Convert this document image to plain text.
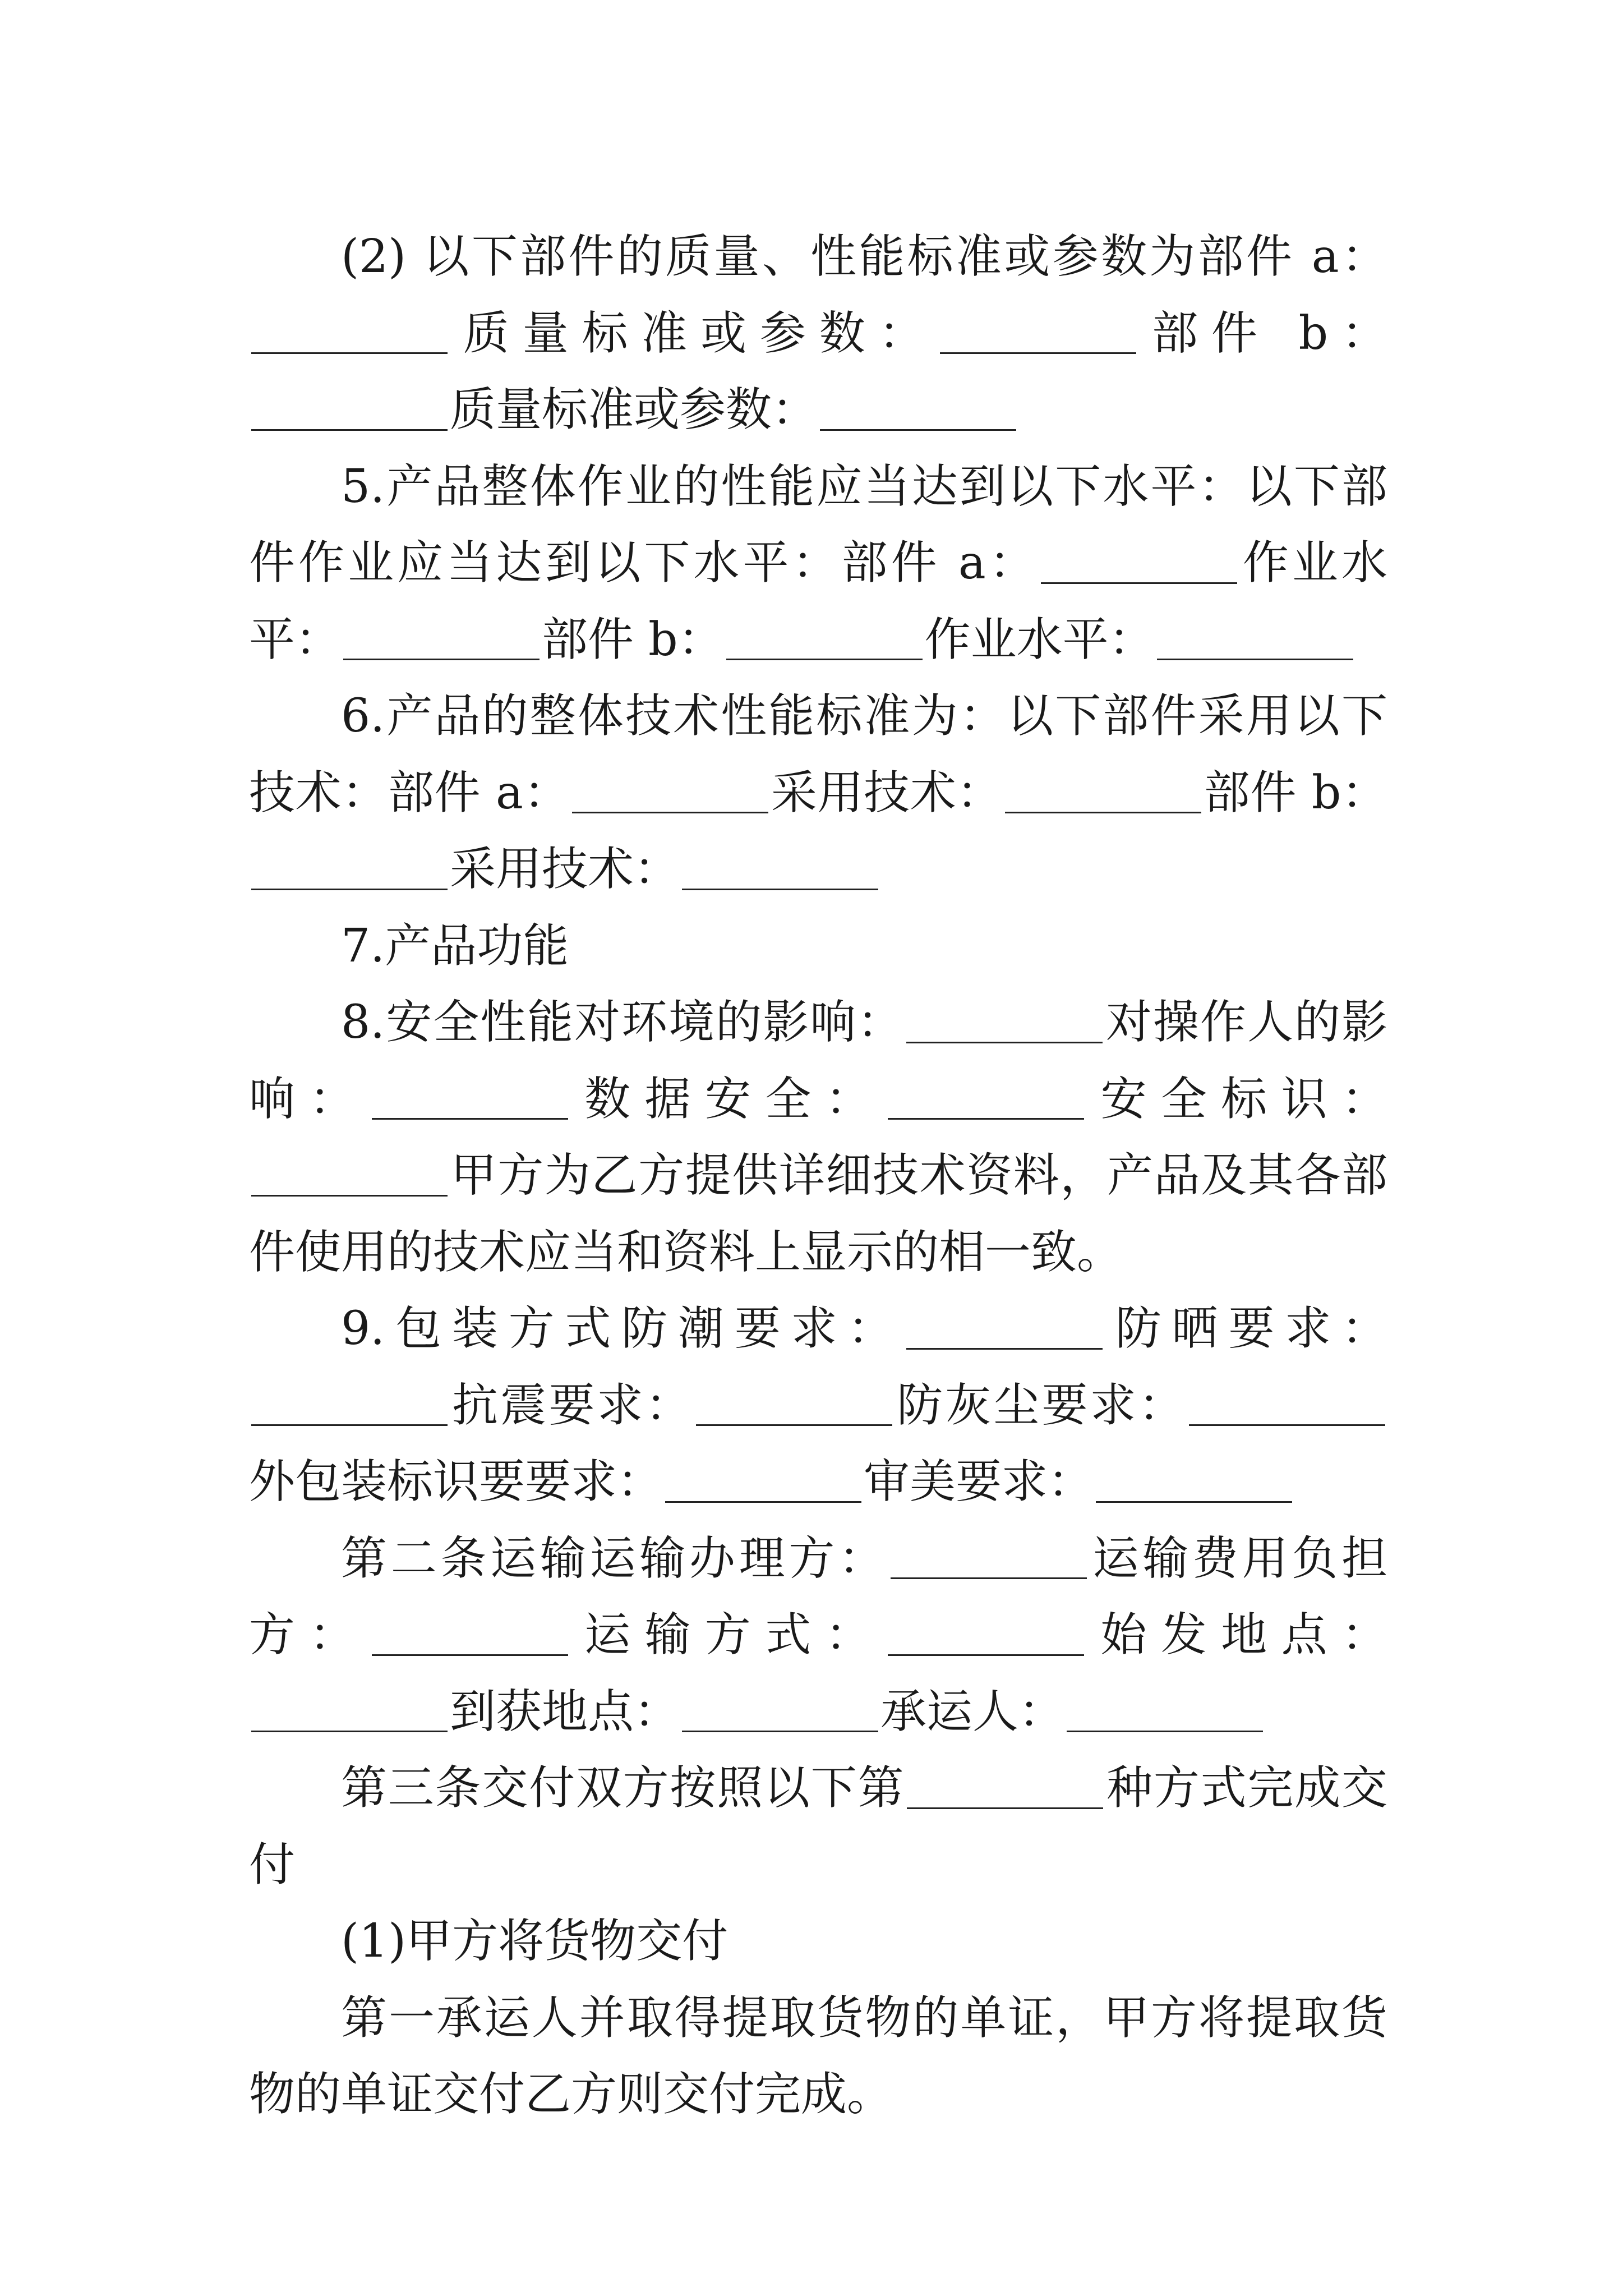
(2) 以下部件的质量、性能标准或参数为部件 a：质量标准或参数：	部件 b：质量标准或参数：

5.产品整体作业的性能应当达到以下水平：以下部件作业应当达到以下水平：部件 a：	作业水平：	部件 b：	作业水平：

6.产品的整体技术性能标准为：以下部件采用以下技术：部件 a：	采用技术：	部件 b：采用技术：

7.产品功能

8.安全性能对环境的影响：	对操作人的影响：	数据安全：	安全标识：甲方为乙方提供详细技术资料，产品及其各部件使用的技术应当和资料上显示的相一致。

9.包装方式防潮要求：	防晒要求：抗震要求：	防灰尘要求：外包装标识要要求：	审美要求：

第二条运输运输办理方：	运输费用负担方：	运输方式：	始发地点：到获地点：	承运人：

第三条交付双方按照以下第	种方式完成交付

(1)甲方将货物交付

第一承运人并取得提取货物的单证，甲方将提取货物的单证交付乙方则交付完成。
